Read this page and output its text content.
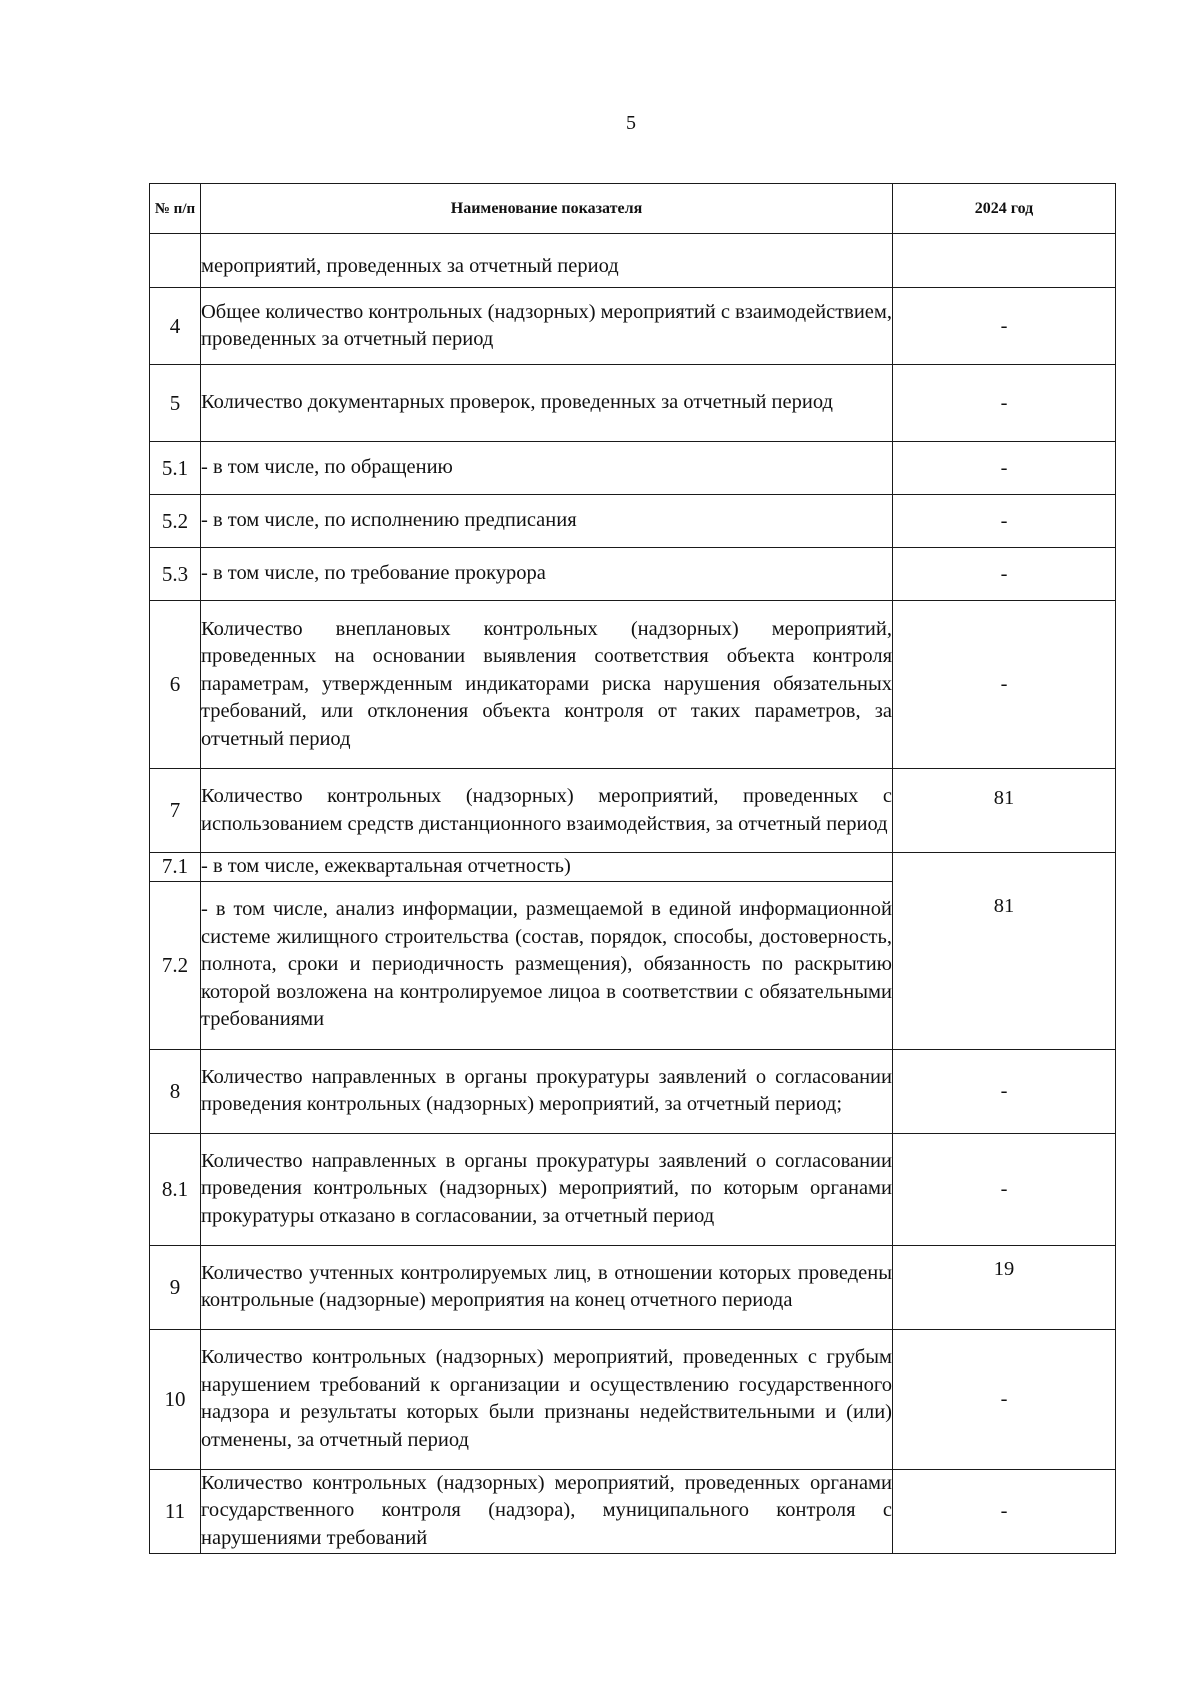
5
№ п/п	Наименование показателя	2024 год
	мероприятий, проведенных за отчетный период	
4	Общее количество контрольных (надзорных) мероприятий с взаимодействием, проведенных за отчетный период	-
5	Количество документарных проверок, проведенных за отчетный период	-
5.1	- в том числе, по обращению	-
5.2	- в том числе, по исполнению предписания	-
5.3	- в том числе, по требование прокурора	-
6	Количество внеплановых контрольных (надзорных) мероприятий, проведенных на основании выявления соответствия объекта контроля параметрам, утвержденным индикаторами риска нарушения обязательных требований, или отклонения объекта контроля от таких параметров, за отчетный период	-
7	Количество контрольных (надзорных) мероприятий, проведенных с использованием средств дистанционного взаимодействия, за отчетный период	81
7.1	- в том числе, ежеквартальная отчетность)	81
7.2	- в том числе, анализ информации, размещаемой в единой информационной системе жилищного строительства (состав, порядок, способы, достоверность, полнота, сроки и периодичность размещения), обязанность по раскрытию которой возложена на контролируемое лицоа в соответствии с обязательными требованиями	
8	Количество направленных в органы прокуратуры заявлений о согласовании проведения контрольных (надзорных) мероприятий, за отчетный период;	-
8.1	Количество направленных в органы прокуратуры заявлений о согласовании проведения контрольных (надзорных) мероприятий, по которым органами прокуратуры отказано в согласовании, за отчетный период	-
9	Количество учтенных контролируемых лиц, в отношении которых проведены контрольные (надзорные) мероприятия на конец отчетного периода	19
10	Количество контрольных (надзорных) мероприятий, проведенных с грубым нарушением требований к организации и осуществлению государственного надзора и результаты которых были признаны недействительными и (или) отменены, за отчетный период	-
11	Количество контрольных (надзорных) мероприятий, проведенных органами государственного контроля (надзора), муниципального контроля с нарушениями требований	-
